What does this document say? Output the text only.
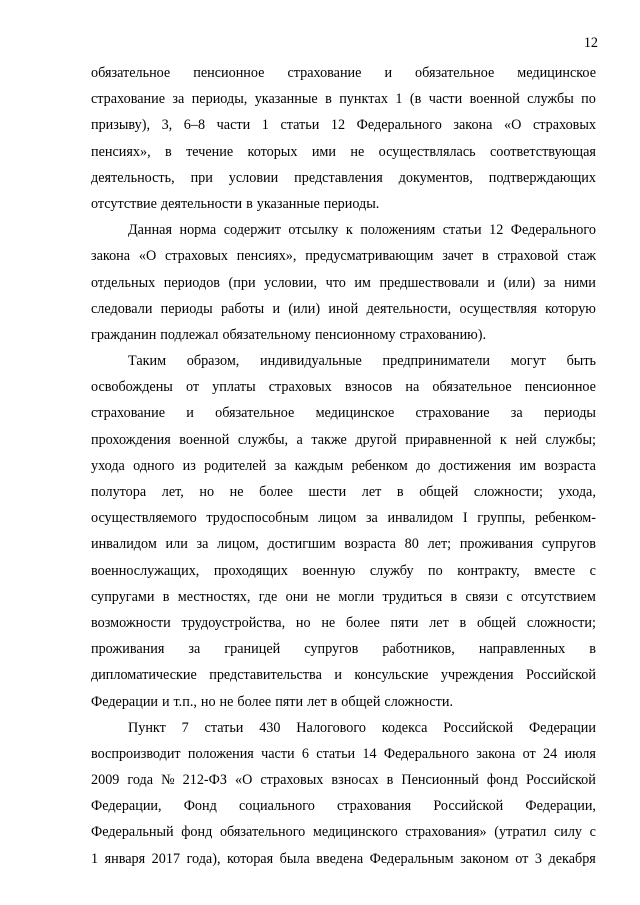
12
обязательное пенсионное страхование и обязательное медицинское
страхование за периоды, указанные в пунктах 1 (в части военной службы по
призыву), 3, 6–8 части 1 статьи 12 Федерального закона «О страховых
пенсиях», в течение которых ими не осуществлялась соответствующая
деятельность, при условии представления документов, подтверждающих
отсутствие деятельности в указанные периоды.
Данная норма содержит отсылку к положениям статьи 12 Федерального
закона «О страховых пенсиях», предусматривающим зачет в страховой стаж
отдельных периодов (при условии, что им предшествовали и (или) за ними
следовали периоды работы и (или) иной деятельности, осуществляя которую
гражданин подлежал обязательному пенсионному страхованию).
Таким образом, индивидуальные предприниматели могут быть
освобождены от уплаты страховых взносов на обязательное пенсионное
страхование и обязательное медицинское страхование за периоды
прохождения военной службы, а также другой приравненной к ней службы;
ухода одного из родителей за каждым ребенком до достижения им возраста
полутора лет, но не более шести лет в общей сложности; ухода,
осуществляемого трудоспособным лицом за инвалидом I группы, ребенком-
инвалидом или за лицом, достигшим возраста 80 лет; проживания супругов
военнослужащих, проходящих военную службу по контракту, вместе с
супругами в местностях, где они не могли трудиться в связи с отсутствием
возможности трудоустройства, но не более пяти лет в общей сложности;
проживания за границей супругов работников, направленных в
дипломатические представительства и консульские учреждения Российской
Федерации и т.п., но не более пяти лет в общей сложности.
Пункт 7 статьи 430 Налогового кодекса Российской Федерации
воспроизводит положения части 6 статьи 14 Федерального закона от 24 июля
2009 года № 212-ФЗ «О страховых взносах в Пенсионный фонд Российской
Федерации, Фонд социального страхования Российской Федерации,
Федеральный фонд обязательного медицинского страхования» (утратил силу с
1 января 2017 года), которая была введена Федеральным законом от 3 декабря
